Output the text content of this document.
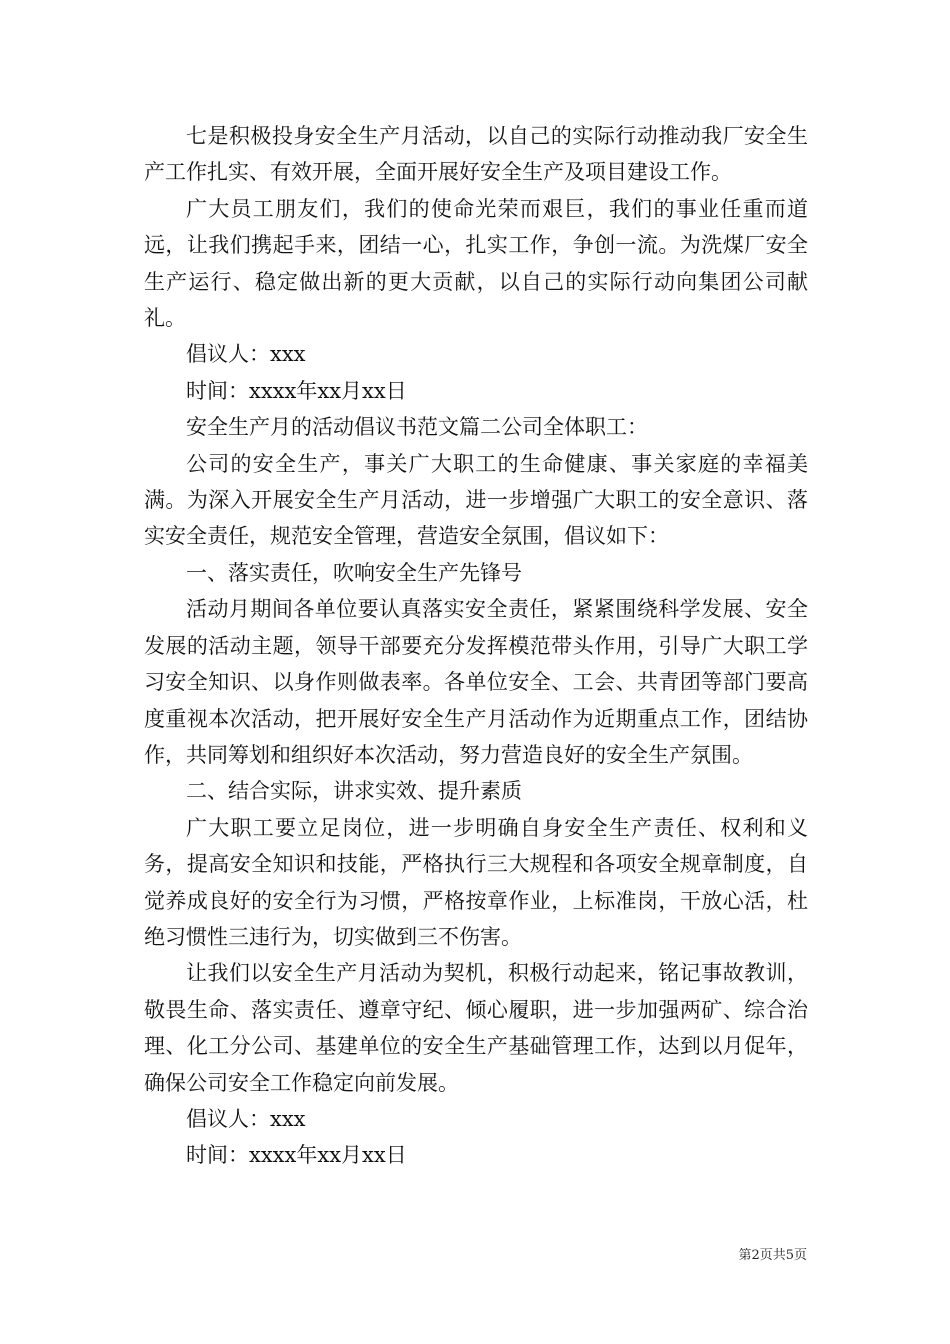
七是积极投身安全生产月活动，以自己的实际行动推动我厂安全生产工作扎实、有效开展，全面开展好安全生产及项目建设工作。

广大员工朋友们，我们的使命光荣而艰巨，我们的事业任重而道远，让我们携起手来，团结一心，扎实工作，争创一流。为洗煤厂安全生产运行、稳定做出新的更大贡献，以自己的实际行动向集团公司献礼。

倡议人：xxx

时间：xxxx年xx月xx日

安全生产月的活动倡议书范文篇二公司全体职工：

公司的安全生产，事关广大职工的生命健康、事关家庭的幸福美满。为深入开展安全生产月活动，进一步增强广大职工的安全意识、落实安全责任，规范安全管理，营造安全氛围，倡议如下：

一、落实责任，吹响安全生产先锋号

活动月期间各单位要认真落实安全责任，紧紧围绕科学发展、安全发展的活动主题，领导干部要充分发挥模范带头作用，引导广大职工学习安全知识、以身作则做表率。各单位安全、工会、共青团等部门要高度重视本次活动，把开展好安全生产月活动作为近期重点工作，团结协作，共同筹划和组织好本次活动，努力营造良好的安全生产氛围。

二、结合实际，讲求实效、提升素质

广大职工要立足岗位，进一步明确自身安全生产责任、权利和义务，提高安全知识和技能，严格执行三大规程和各项安全规章制度，自觉养成良好的安全行为习惯，严格按章作业，上标准岗，干放心活，杜绝习惯性三违行为，切实做到三不伤害。

让我们以安全生产月活动为契机，积极行动起来，铭记事故教训，敬畏生命、落实责任、遵章守纪、倾心履职，进一步加强两矿、综合治理、化工分公司、基建单位的安全生产基础管理工作，达到以月促年，确保公司安全工作稳定向前发展。

倡议人：xxx

时间：xxxx年xx月xx日

第2页共5页
